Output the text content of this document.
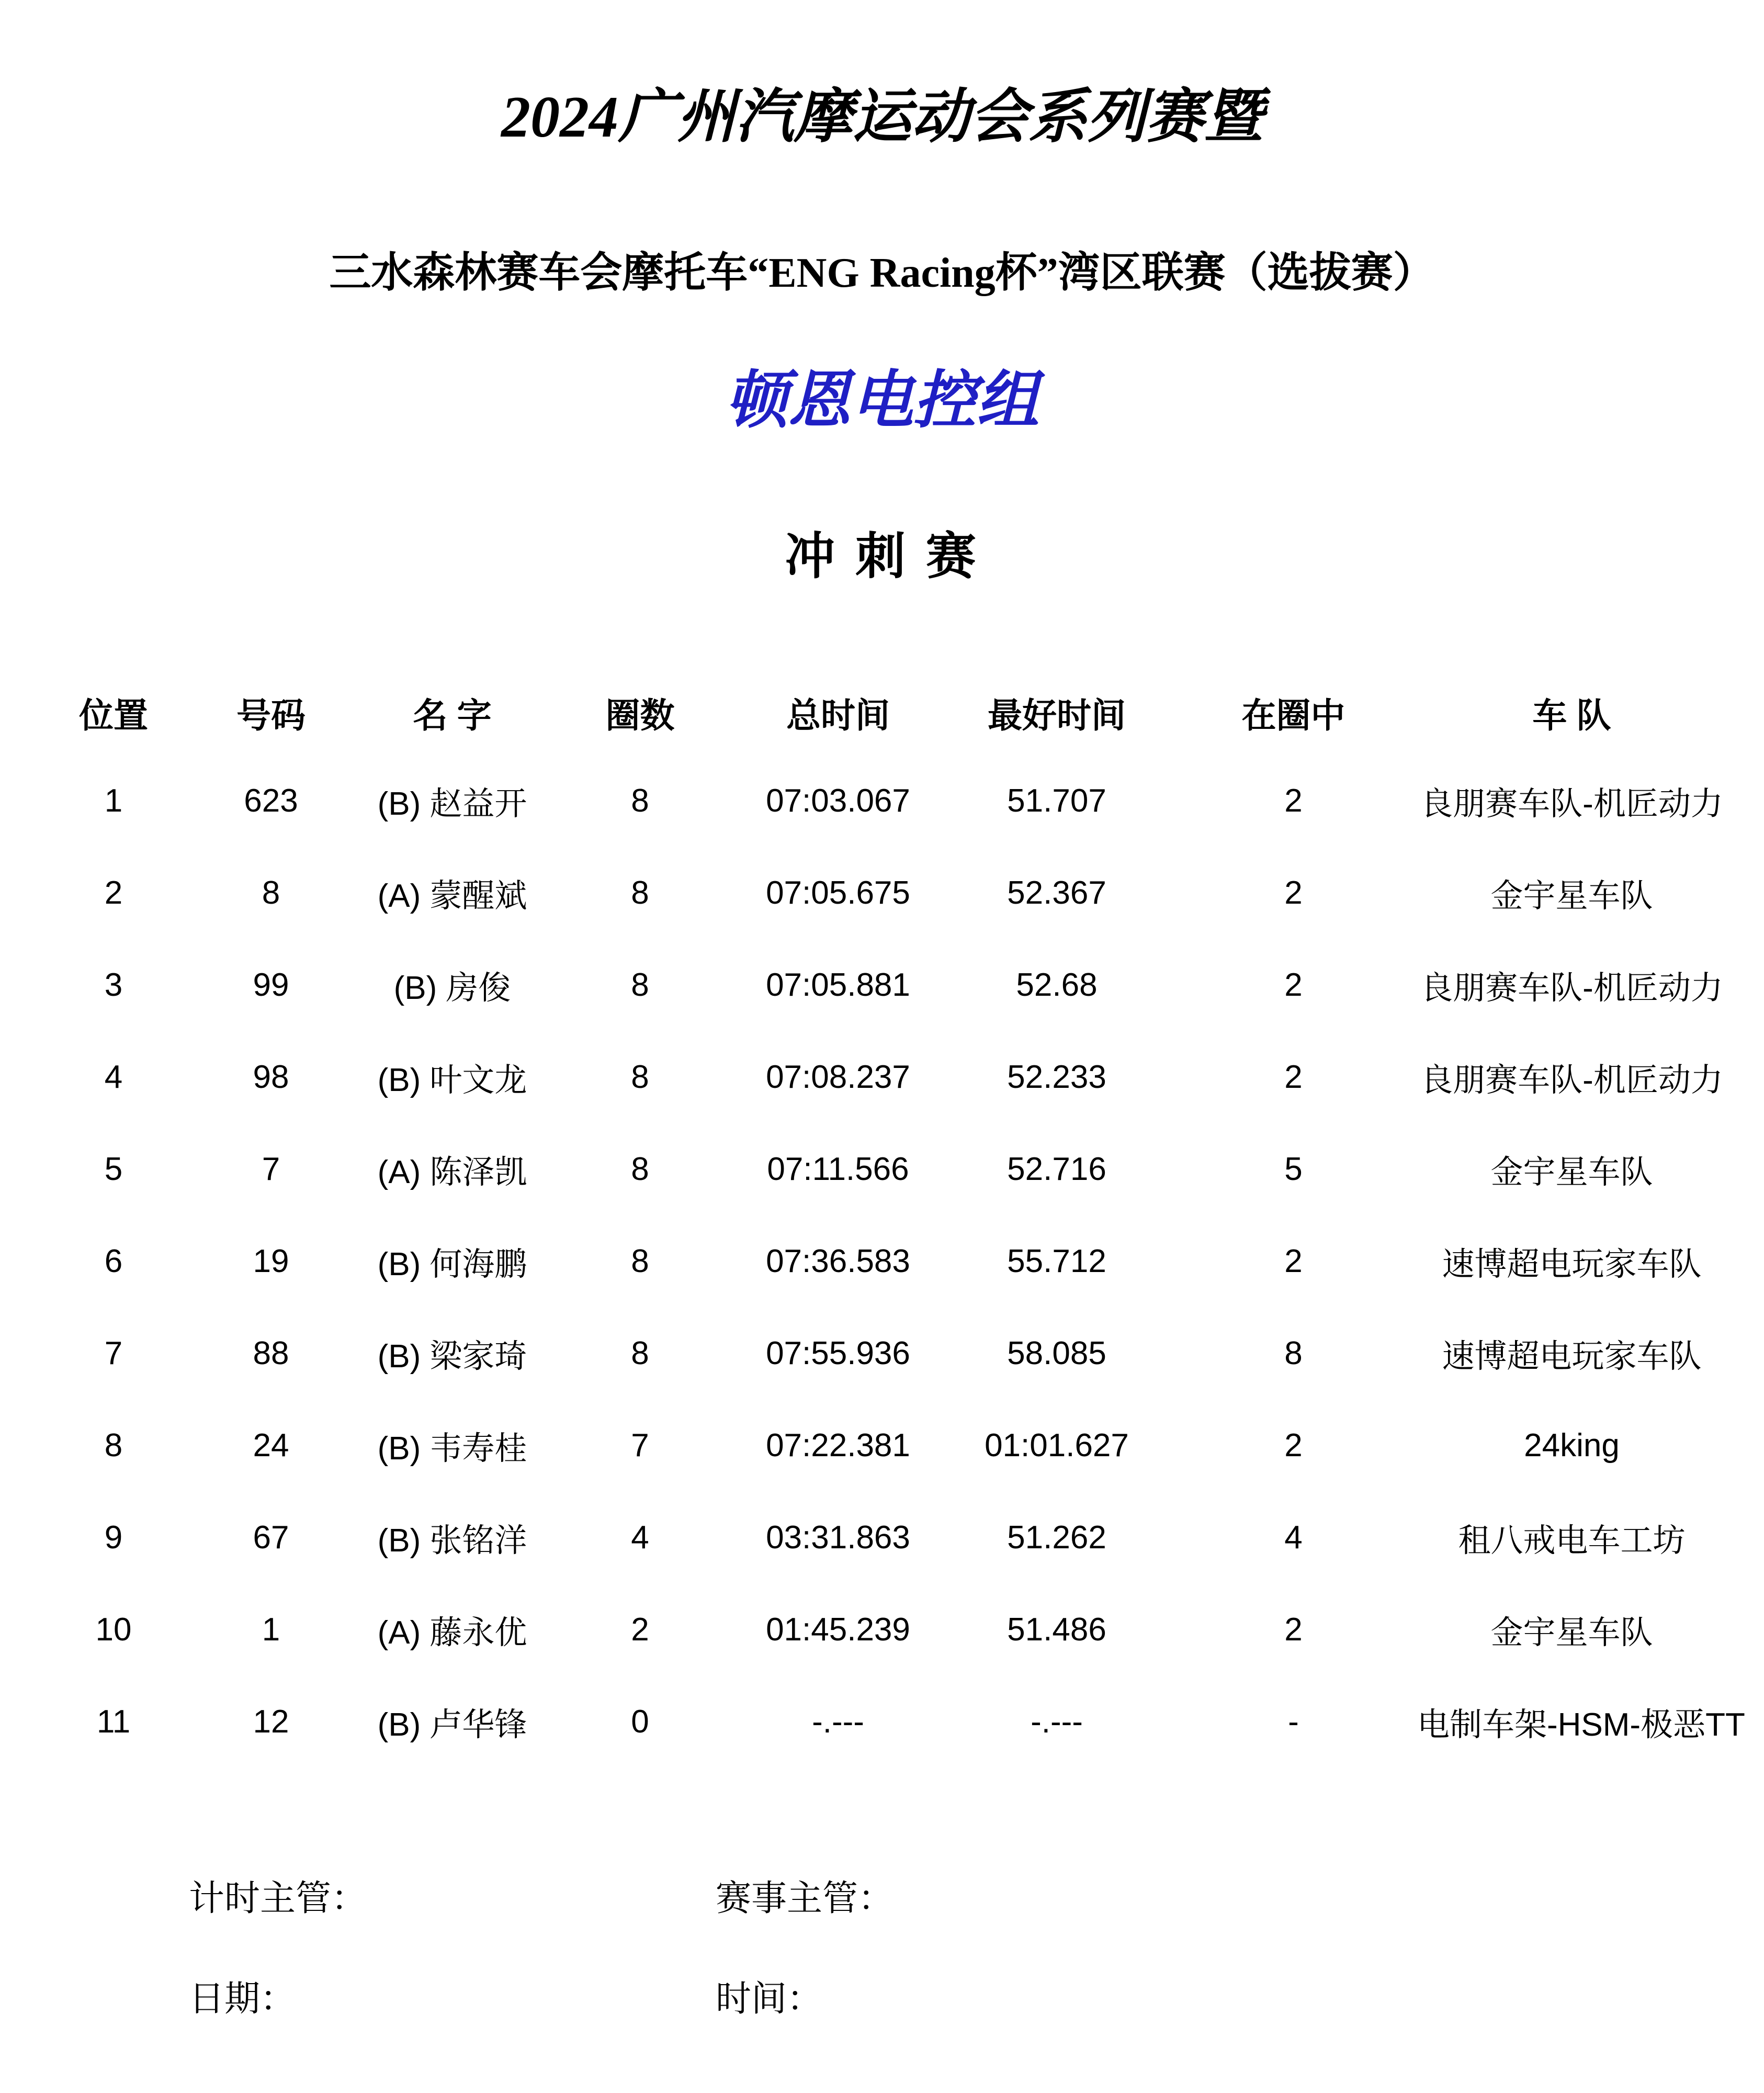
2024广州汽摩运动会系列赛暨
三水森林赛车会摩托车“ENG Racing杯”湾区联赛（选拔赛）
顿恩电控组
冲 刺 赛
位置	号码	名 字	圈数	总时间	最好时间	在圈中	车 队
1	623	(B) 赵益开	8	07:03.067	51.707	2	良朋赛车队-机匠动力
2	8	(A) 蒙醒斌	8	07:05.675	52.367	2	金宇星车队
3	99	(B) 房俊	8	07:05.881	52.68	2	良朋赛车队-机匠动力
4	98	(B) 叶文龙	8	07:08.237	52.233	2	良朋赛车队-机匠动力
5	7	(A) 陈泽凯	8	07:11.566	52.716	5	金宇星车队
6	19	(B) 何海鹏	8	07:36.583	55.712	2	速博超电玩家车队
7	88	(B) 梁家琦	8	07:55.936	58.085	8	速博超电玩家车队
8	24	(B) 韦寿桂	7	07:22.381	01:01.627	2	24king
9	67	(B) 张铭洋	4	03:31.863	51.262	4	租八戒电车工坊
10	1	(A) 藤永优	2	01:45.239	51.486	2	金宇星车队
11	12	(B) 卢华锋	0	-.---	-.---	-	电制车架-HSM-极恶TT
计时主管：	赛事主管：
日期：	时间：
